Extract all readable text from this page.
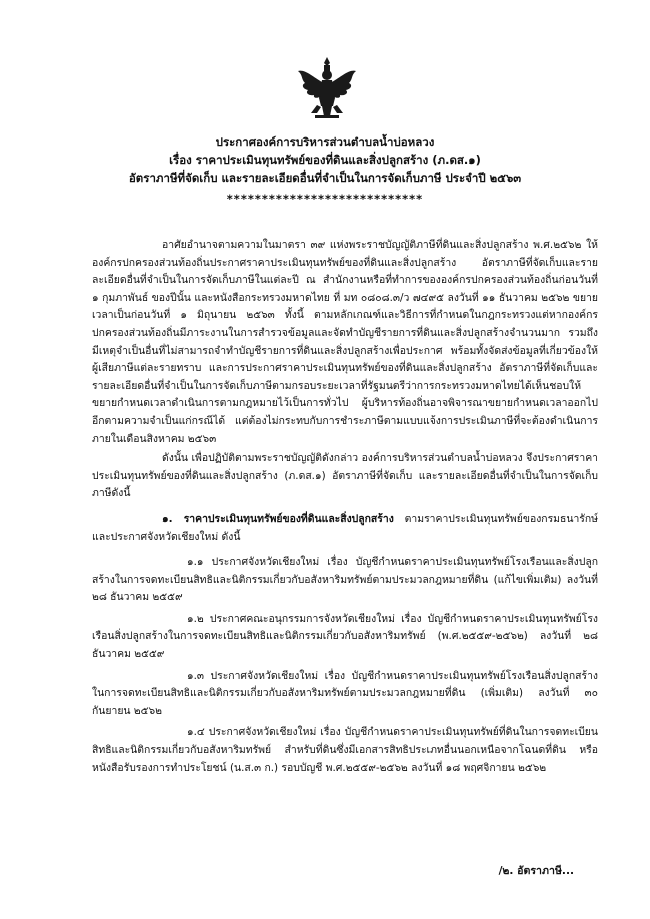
ประกาศองค์การบริหารส่วนตำบลน้ำบ่อหลวง
เรื่อง ราคาประเมินทุนทรัพย์ของที่ดินและสิ่งปลูกสร้าง (ภ.ดส.๑)
อัตราภาษีที่จัดเก็บ และรายละเอียดอื่นที่จำเป็นในการจัดเก็บภาษี ประจำปี ๒๕๖๓
****************************

อาศัยอำนาจตามความในมาตรา ๓๙ แห่งพระราชบัญญัติภาษีที่ดินและสิ่งปลูกสร้าง พ.ศ.๒๕๖๒ ให้องค์กรปกครองส่วนท้องถิ่นประกาศราคาประเมินทุนทรัพย์ของที่ดินและสิ่งปลูกสร้าง อัตราภาษีที่จัดเก็บและรายละเอียดอื่นที่จำเป็นในการจัดเก็บภาษีในแต่ละปี ณ สำนักงานหรือที่ทำการขององค์กรปกครองส่วนท้องถิ่นก่อนวันที่ ๑ กุมภาพันธ์ ของปีนั้น และหนังสือกระทรวงมหาดไทย ที่ มท ๐๘๐๘.๓/ว ๗๔๙๕ ลงวันที่ ๑๑ ธันวาคม ๒๕๖๒ ขยายเวลาเป็นก่อนวันที่ ๑ มิถุนายน ๒๕๖๓ ทั้งนี้ ตามหลักเกณฑ์และวิธีการที่กำหนดในกฎกระทรวงแต่หากองค์กรปกครองส่วนท้องถิ่นมีภาระงานในการสำรวจข้อมูลและจัดทำบัญชีรายการที่ดินและสิ่งปลูกสร้างจำนวนมาก รวมถึงมีเหตุจำเป็นอื่นที่ไม่สามารถจำทำบัญชีรายการที่ดินและสิ่งปลูกสร้างเพื่อประกาศ พร้อมทั้งจัดส่งข้อมูลที่เกี่ยวข้องให้ผู้เสียภาษีแต่ละรายทราบ และการประกาศราคาประเมินทุนทรัพย์ของที่ดินและสิ่งปลูกสร้าง อัตราภาษีที่จัดเก็บและรายละเอียดอื่นที่จำเป็นในการจัดเก็บภาษีตามกรอบระยะเวลาที่รัฐมนตรีว่าการกระทรวงมหาดไทยได้เห็นชอบให้ขยายกำหนดเวลาดำเนินการตามกฎหมายไว้เป็นการทั่วไป ผู้บริหารท้องถิ่นอาจพิจารณาขยายกำหนดเวลาออกไปอีกตามความจำเป็นแก่กรณีได้ แต่ต้องไม่กระทบกับการชำระภาษีตามแบบแจ้งการประเมินภาษีที่จะต้องดำเนินการภายในเดือนสิงหาคม ๒๕๖๓

ดังนั้น เพื่อปฏิบัติตามพระราชบัญญัติดังกล่าว องค์การบริหารส่วนตำบลน้ำบ่อหลวง จึงประกาศราคาประเมินทุนทรัพย์ของที่ดินและสิ่งปลูกสร้าง (ภ.ดส.๑) อัตราภาษีที่จัดเก็บ และรายละเอียดอื่นที่จำเป็นในการจัดเก็บภาษีดังนี้

๑. ราคาประเมินทุนทรัพย์ของที่ดินและสิ่งปลูกสร้าง ตามราคาประเมินทุนทรัพย์ของกรมธนารักษ์และประกาศจังหวัดเชียงใหม่ ดังนี้

๑.๑ ประกาศจังหวัดเชียงใหม่ เรื่อง บัญชีกำหนดราคาประเมินทุนทรัพย์โรงเรือนและสิ่งปลูกสร้างในการจดทะเบียนสิทธิและนิติกรรมเกี่ยวกับอสังหาริมทรัพย์ตามประมวลกฎหมายที่ดิน (แก้ไขเพิ่มเติม) ลงวันที่ ๒๘ ธันวาคม ๒๕๕๙

๑.๒ ประกาศคณะอนุกรรมการจังหวัดเชียงใหม่ เรื่อง บัญชีกำหนดราคาประเมินทุนทรัพย์โรงเรือนสิ่งปลูกสร้างในการจดทะเบียนสิทธิและนิติกรรมเกี่ยวกับอสังหาริมทรัพย์ (พ.ศ.๒๕๕๙-๒๕๖๒) ลงวันที่ ๒๘ ธันวาคม ๒๕๕๙

๑.๓ ประกาศจังหวัดเชียงใหม่ เรื่อง บัญชีกำหนดราคาประเมินทุนทรัพย์โรงเรือนสิ่งปลูกสร้างในการจดทะเบียนสิทธิและนิติกรรมเกี่ยวกับอสังหาริมทรัพย์ตามประมวลกฎหมายที่ดิน (เพิ่มเติม) ลงวันที่ ๓๐ กันยายน ๒๕๖๒

๑.๔ ประกาศจังหวัดเชียงใหม่ เรื่อง บัญชีกำหนดราคาประเมินทุนทรัพย์ที่ดินในการจดทะเบียนสิทธิและนิติกรรมเกี่ยวกับอสังหาริมทรัพย์ สำหรับที่ดินซึ่งมีเอกสารสิทธิประเภทอื่นนอกเหนือจากโฉนดที่ดิน หรือหนังสือรับรองการทำประโยชน์ (น.ส.๓ ก.) รอบบัญชี พ.ศ.๒๕๕๙-๒๕๖๒ ลงวันที่ ๑๘ พฤศจิกายน ๒๕๖๒

/๒. อัตราภาษี...
